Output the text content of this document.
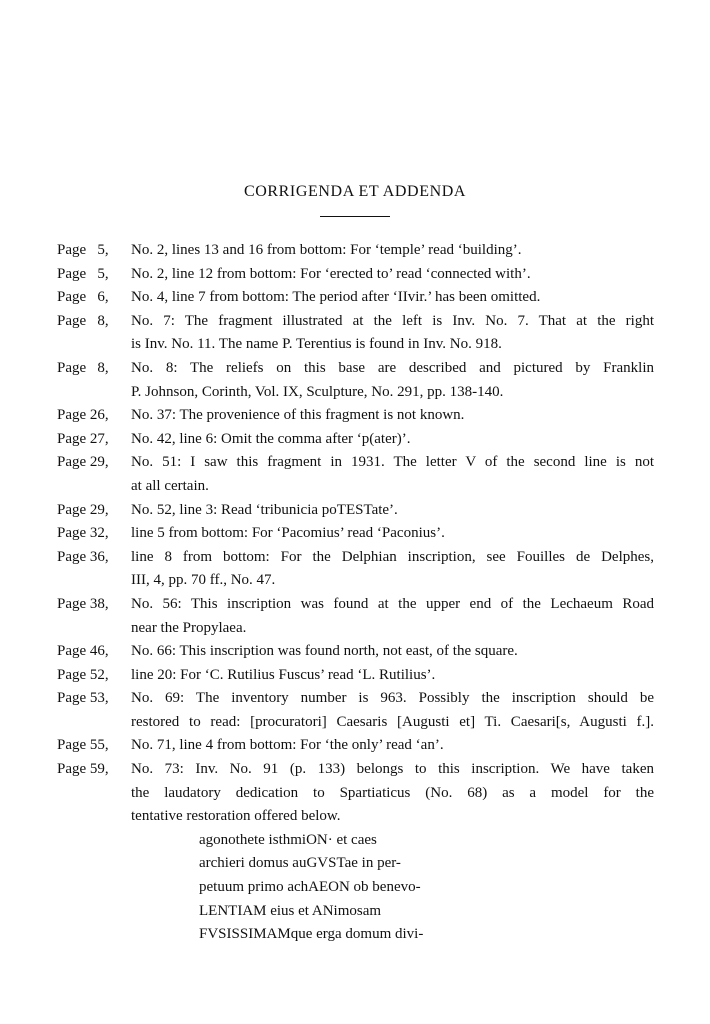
CORRIGENDA ET ADDENDA
Page   5,	No. 2, lines 13 and 16 from bottom: For ‘temple’ read ‘building’.
Page   5,	No. 2, line 12 from bottom: For ‘erected to’ read ‘connected with’.
Page   6,	No. 4, line 7 from bottom: The period after ‘IIvir.’ has been omitted.
Page   8,	No. 7: The fragment illustrated at the left is Inv. No. 7. That at the right
is Inv. No. 11. The name P. Terentius is found in Inv. No. 918.
Page   8,	No. 8: The reliefs on this base are described and pictured by Franklin
P. Johnson, Corinth, Vol. IX, Sculpture, No. 291, pp. 138-140.
Page 26,	No. 37: The provenience of this fragment is not known.
Page 27,	No. 42, line 6: Omit the comma after ‘p(ater)’.
Page 29,	No. 51: I saw this fragment in 1931. The letter V of the second line is not
at all certain.
Page 29,	No. 52, line 3: Read ‘tribunicia poTESTate’.
Page 32,	line 5 from bottom: For ‘Pacomius’ read ‘Paconius’.
Page 36,	line 8 from bottom: For the Delphian inscription, see Fouilles de Delphes,
III, 4, pp. 70 ff., No. 47.
Page 38,	No. 56: This inscription was found at the upper end of the Lechaeum Road
near the Propylaea.
Page 46,	No. 66: This inscription was found north, not east, of the square.
Page 52,	line 20: For ‘C. Rutilius Fuscus’ read ‘L. Rutilius’.
Page 53,	No. 69: The inventory number is 963. Possibly the inscription should be
restored to read: [procuratori] Caesaris [Augusti et] Ti. Caesari[s, Augusti f.].
Page 55,	No. 71, line 4 from bottom: For ‘the only’ read ‘an’.
Page 59,	No. 73: Inv. No. 91 (p. 133) belongs to this inscription. We have taken
the laudatory dedication to Spartiaticus (No. 68) as a model for the
tentative restoration offered below.
agonothete isthmiON· et caes
archieri domus auGVSTae in per-
petuum primo achAEON ob benevo-
LENTIAM eius et ANimosam
FVSISSIMAMque erga domum divi-
